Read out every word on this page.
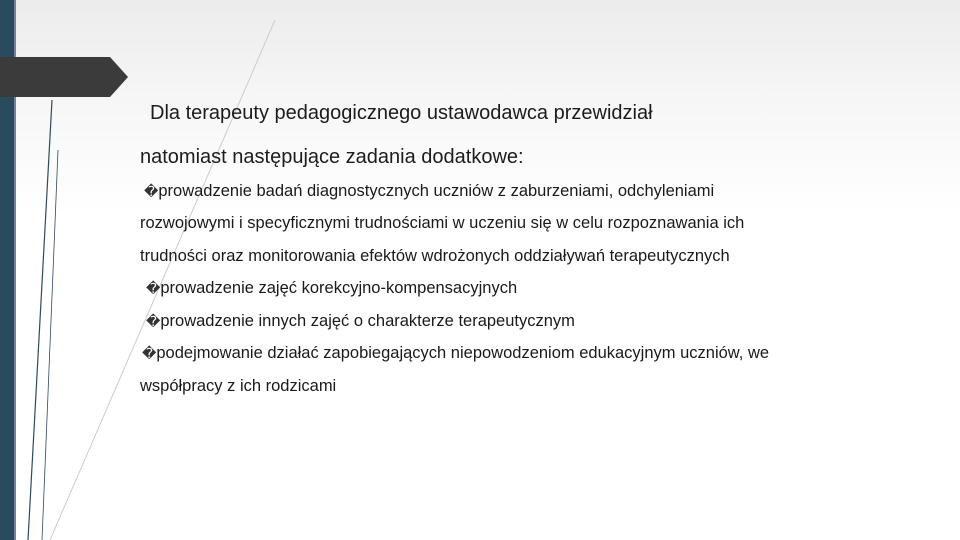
Dla terapeuty pedagogicznego ustawodawca przewidział

natomiast następujące zadania dodatkowe:

�prowadzenie badań diagnostycznych uczniów z zaburzeniami, odchyleniami

rozwojowymi i specyficznymi trudnościami w uczeniu się w celu rozpoznawania ich

trudności oraz monitorowania efektów wdrożonych oddziaływań terapeutycznych

�prowadzenie zajęć korekcyjno-kompensacyjnych

�prowadzenie innych zajęć o charakterze terapeutycznym

�podejmowanie działać zapobiegających niepowodzeniom edukacyjnym uczniów, we

współpracy z ich rodzicami
